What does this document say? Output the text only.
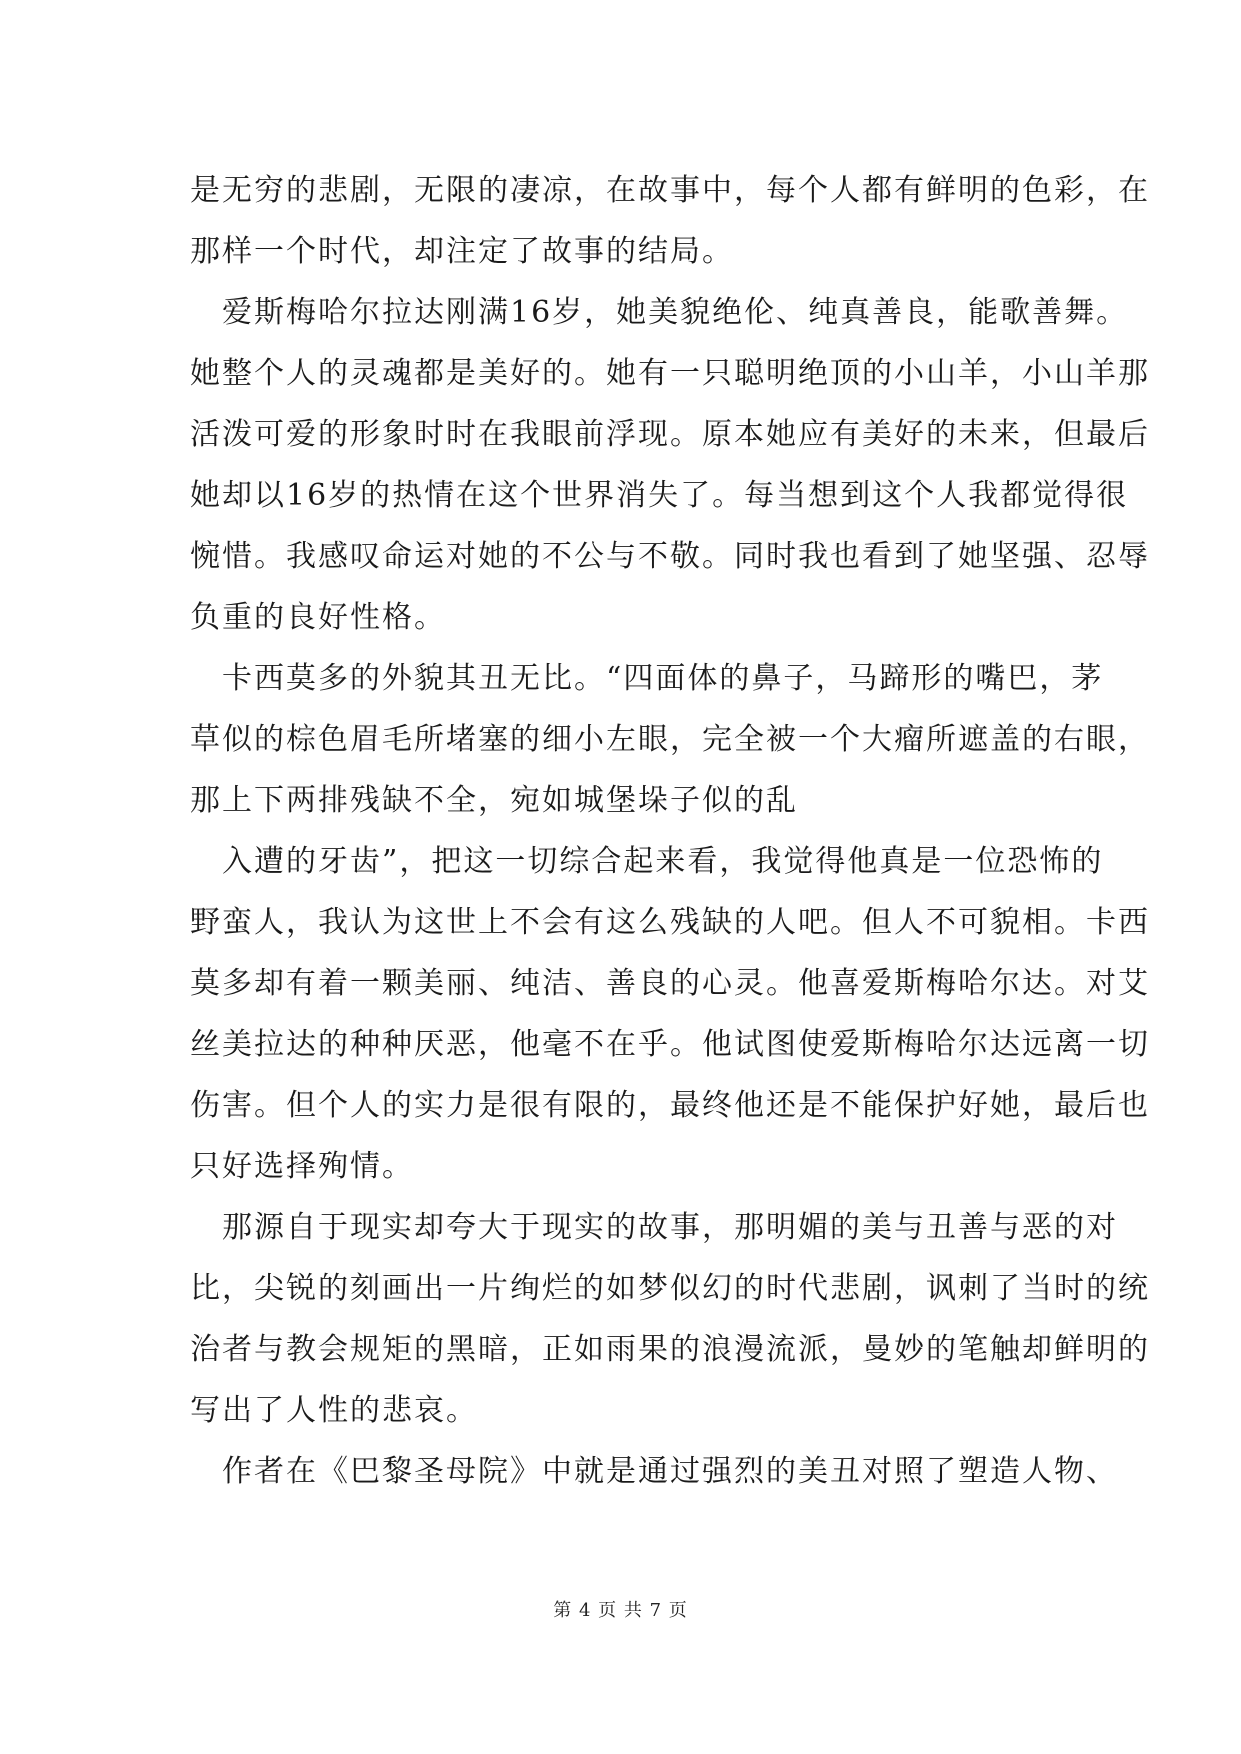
是无穷的悲剧，无限的凄凉，在故事中，每个人都有鲜明的色彩，在
那样一个时代，却注定了故事的结局。
　爱斯梅哈尔拉达刚满16岁，她美貌绝伦、纯真善良，能歌善舞。
她整个人的灵魂都是美好的。她有一只聪明绝顶的小山羊，小山羊那
活泼可爱的形象时时在我眼前浮现。原本她应有美好的未来，但最后
她却以16岁的热情在这个世界消失了。每当想到这个人我都觉得很
惋惜。我感叹命运对她的不公与不敬。同时我也看到了她坚强、忍辱
负重的良好性格。
　卡西莫多的外貌其丑无比。“四面体的鼻子，马蹄形的嘴巴，茅
草似的棕色眉毛所堵塞的细小左眼，完全被一个大瘤所遮盖的右眼，
那上下两排残缺不全，宛如城堡垛子似的乱
　入遭的牙齿”，把这一切综合起来看，我觉得他真是一位恐怖的
野蛮人，我认为这世上不会有这么残缺的人吧。但人不可貌相。卡西
莫多却有着一颗美丽、纯洁、善良的心灵。他喜爱斯梅哈尔达。对艾
丝美拉达的种种厌恶，他毫不在乎。他试图使爱斯梅哈尔达远离一切
伤害。但个人的实力是很有限的，最终他还是不能保护好她，最后也
只好选择殉情。
　那源自于现实却夸大于现实的故事，那明媚的美与丑善与恶的对
比，尖锐的刻画出一片绚烂的如梦似幻的时代悲剧，讽刺了当时的统
治者与教会规矩的黑暗，正如雨果的浪漫流派，曼妙的笔触却鲜明的
写出了人性的悲哀。
　作者在《巴黎圣母院》中就是通过强烈的美丑对照了塑造人物、
第 4 页 共 7 页
